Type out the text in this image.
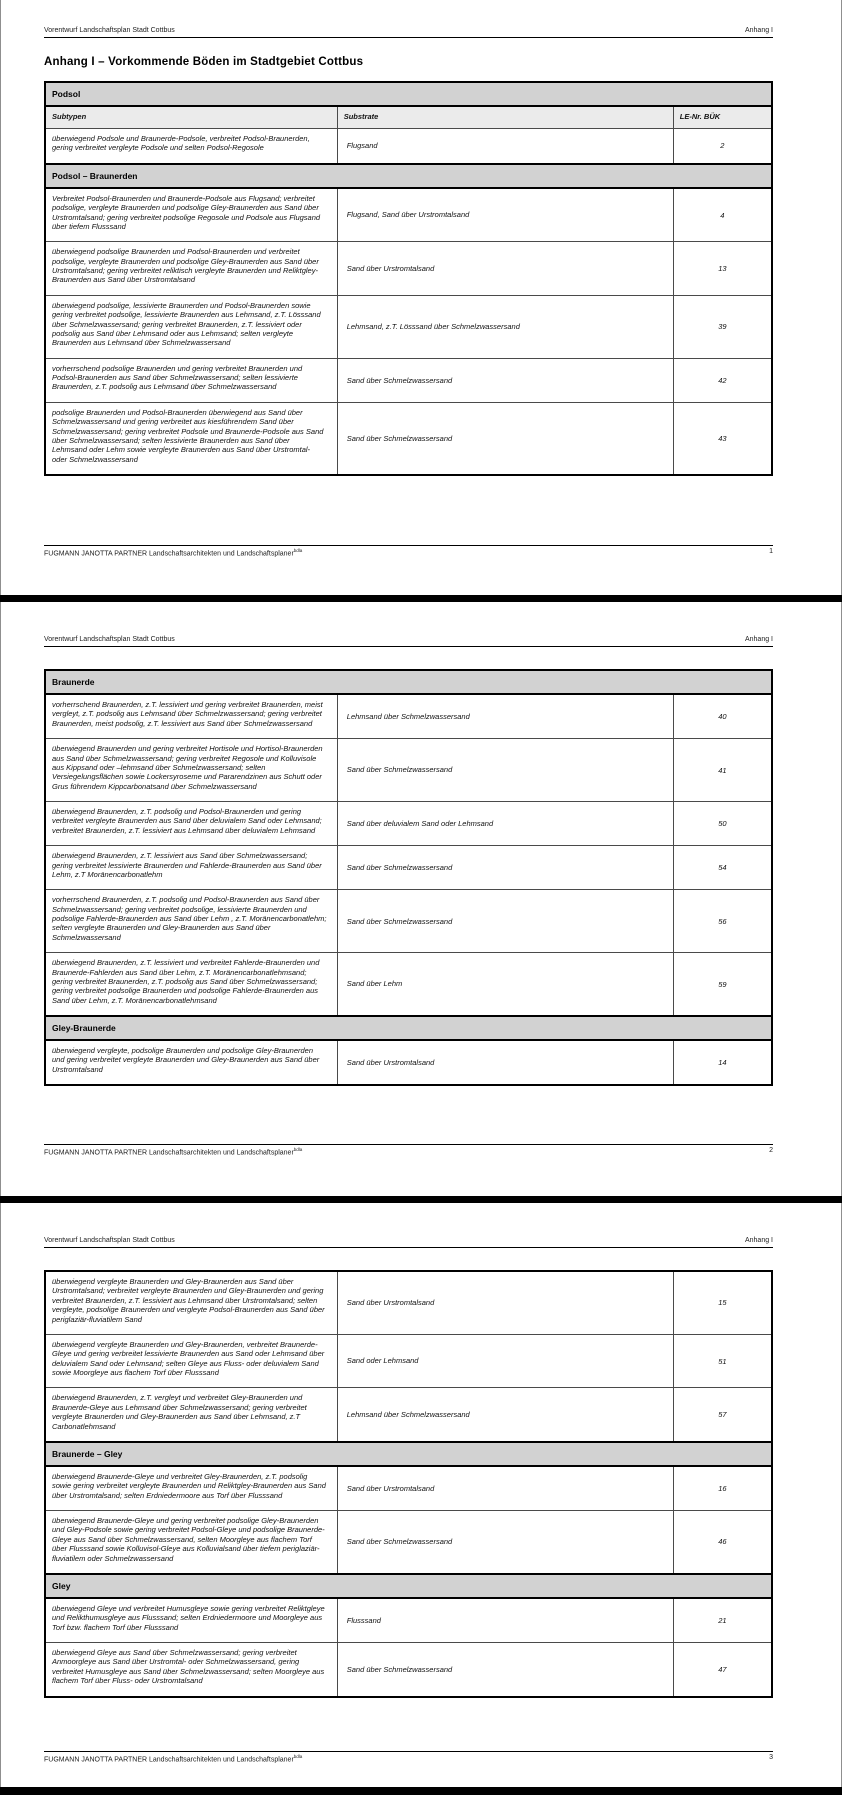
Vorentwurf Landschaftsplan Stadt Cottbus	Anhang I
Anhang I – Vorkommende Böden im Stadtgebiet Cottbus
Podsol		
Subtypen	Substrate	LE-Nr. BÜK
überwiegend Podsole und Braunerde-Podsole, verbreitet Podsol-Braunerden, gering verbreitet vergleyte Podsole und selten Podsol-Regosole	Flugsand	2
Podsol – Braunerden		
Verbreitet Podsol-Braunerden und Braunerde-Podsole aus Flugsand; verbreitet podsolige, vergleyte Braunerden und podsolige Gley-Braunerden aus Sand über Urstromtalsand; gering verbreitet podsolige Regosole und Podsole aus Flugsand über tiefem Flusssand	Flugsand, Sand über Urstromtalsand	4
überwiegend podsolige Braunerden und Podsol-Braunerden und verbreitet podsolige, vergleyte Braunerden und podsolige Gley-Braunerden aus Sand über Urstromtalsand; gering verbreitet reliktisch vergleyte Braunerden und Reliktgley-Braunerden aus Sand über Urstromtalsand	Sand über Urstromtalsand	13
überwiegend podsolige, lessivierte Braunerden und Podsol-Braunerden sowie gering verbreitet podsolige, lessivierte Braunerden aus Lehmsand, z.T. Lösssand über Schmelzwassersand; gering verbreitet Braunerden, z.T. lessiviert oder podsolig aus Sand über Lehmsand oder aus Lehmsand; selten vergleyte Braunerden aus Lehmsand über Schmelzwassersand	Lehmsand, z.T. Lösssand über Schmelzwassersand	39
vorherrschend podsolige Braunerden und gering verbreitet Braunerden und Podsol-Braunerden aus Sand über Schmelzwassersand; selten lessivierte Braunerden, z.T. podsolig aus Lehmsand über Schmelzwassersand	Sand über Schmelzwassersand	42
podsolige Braunerden und Podsol-Braunerden überwiegend aus Sand über Schmelzwassersand und gering verbreitet aus kiesführendem Sand über Schmelzwassersand; gering verbreitet Podsole und Braunerde-Podsole aus Sand über Schmelzwassersand; selten lessivierte Braunerden aus Sand über Lehmsand oder Lehm sowie vergleyte Braunerden aus Sand über Urstromtal- oder Schmelzwassersand	Sand über Schmelzwassersand	43
FUGMANN JANOTTA PARTNER Landschaftsarchitekten und Landschaftsplaner$^{bdla}$	1
Vorentwurf Landschaftsplan Stadt Cottbus	Anhang I
Braunerde		
vorherrschend Braunerden, z.T. lessiviert und gering verbreitet Braunerden, meist vergleyt, z.T. podsolig aus Lehmsand über Schmelzwassersand; gering verbreitet Braunerden, meist podsolig, z.T. lessiviert aus Sand über Schmelzwassersand	Lehmsand über Schmelzwassersand	40
überwiegend Braunerden und gering verbreitet Hortisole und Hortisol-Braunerden aus Sand über Schmelzwassersand; gering verbreitet Regosole und Kolluvisole aus Kippsand oder –lehmsand über Schmelzwassersand; selten Versiegelungsflächen sowie Lockersyroseme und Pararendzinen aus Schutt oder Grus führendem Kippcarbonatsand über Schmelzwassersand	Sand über Schmelzwassersand	41
überwiegend Braunerden, z.T. podsolig und Podsol-Braunerden und gering verbreitet vergleyte Braunerden aus Sand über deluvialem Sand oder Lehmsand; verbreitet Braunerden, z.T. lessiviert aus Lehmsand über deluvialem Lehmsand	Sand über deluvialem Sand oder Lehmsand	50
überwiegend Braunerden, z.T. lessiviert aus Sand über Schmelzwassersand; gering verbreitet lessivierte Braunerden und Fahlerde-Braunerden aus Sand über Lehm, z.T Moränencarbonatlehm	Sand über Schmelzwassersand	54
vorherrschend Braunerden, z.T. podsolig und Podsol-Braunerden aus Sand über Schmelzwassersand; gering verbreitet podsolige, lessivierte Braunerden und podsolige Fahlerde-Braunerden aus Sand über Lehm , z.T. Moränencarbonatlehm; selten vergleyte Braunerden und Gley-Braunerden aus Sand über Schmelzwassersand	Sand über Schmelzwassersand	56
überwiegend Braunerden, z.T. lessiviert und verbreitet Fahlerde-Braunerden und Braunerde-Fahlerden aus Sand über Lehm, z.T. Moränencarbonatlehmsand; gering verbreitet Braunerden, z.T. podsolig aus Sand über Schmelzwassersand; gering verbreitet podsolige Braunerden und podsolige Fahlerde-Braunerden aus Sand über Lehm, z.T. Moränencarbonatlehmsand	Sand über Lehm	59
Gley-Braunerde		
überwiegend vergleyte, podsolige Braunerden und podsolige Gley-Braunerden und gering verbreitet vergleyte Braunerden und Gley-Braunerden aus Sand über Urstromtalsand	Sand über Urstromtalsand	14
FUGMANN JANOTTA PARTNER Landschaftsarchitekten und Landschaftsplaner$^{bdla}$	2
Vorentwurf Landschaftsplan Stadt Cottbus	Anhang I
überwiegend vergleyte Braunerden und Gley-Braunerden aus Sand über Urstromtalsand; verbreitet vergleyte Braunerden und Gley-Braunerden und gering verbreitet Braunerden, z.T. lessiviert aus Lehmsand über Urstromtalsand; selten vergleyte, podsolige Braunerden und vergleyte Podsol-Braunerden aus Sand über periglaziär-fluviatilem Sand	Sand über Urstromtalsand	15
überwiegend vergleyte Braunerden und Gley-Braunerden, verbreitet Braunerde-Gleye und gering verbreitet lessivierte Braunerden aus Sand oder Lehmsand über deluvialem Sand oder Lehmsand; selten Gleye aus Fluss- oder deluvialem Sand sowie Moorgleye aus flachem Torf über Flusssand	Sand oder Lehmsand	51
überwiegend Braunerden, z.T. vergleyt und verbreitet Gley-Braunerden und Braunerde-Gleye aus Lehmsand über Schmelzwassersand; gering verbreitet vergleyte Braunerden und Gley-Braunerden aus Sand über Lehmsand, z.T Carbonatlehmsand	Lehmsand über Schmelzwassersand	57
Braunerde – Gley		
überwiegend Braunerde-Gleye und verbreitet Gley-Braunerden, z.T. podsolig sowie gering verbreitet vergleyte Braunerden und Reliktgley-Braunerden aus Sand über Urstromtalsand; selten Erdniedermoore aus Torf über Flusssand	Sand über Urstromtalsand	16
überwiegend Braunerde-Gleye und gering verbreitet podsolige Gley-Braunerden und Gley-Podsole sowie gering verbreitet Podsol-Gleye und podsolige Braunerde-Gleye aus Sand über Schmelzwassersand, selten Moorgleye aus flachem Torf über Flusssand sowie Kolluvisol-Gleye aus Kolluvialsand über tiefem periglaziär-fluviatilem oder Schmelzwassersand	Sand über Schmelzwassersand	46
Gley		
überwiegend Gleye und verbreitet Humusgleye sowie gering verbreitet Reliktgleye und Relikthumusgleye aus Flusssand; selten Erdniedermoore und Moorgleye aus Torf bzw. flachem Torf über Flusssand	Flusssand	21
überwiegend Gleye aus Sand über Schmelzwassersand; gering verbreitet Anmoorgleye aus Sand über Urstromtal- oder Schmelzwassersand, gering verbreitet Humusgleye aus Sand über Schmelzwassersand; selten Moorgleye aus flachem Torf über Fluss- oder Urstromtalsand	Sand über Schmelzwassersand	47
FUGMANN JANOTTA PARTNER Landschaftsarchitekten und Landschaftsplaner$^{bdla}$	3
